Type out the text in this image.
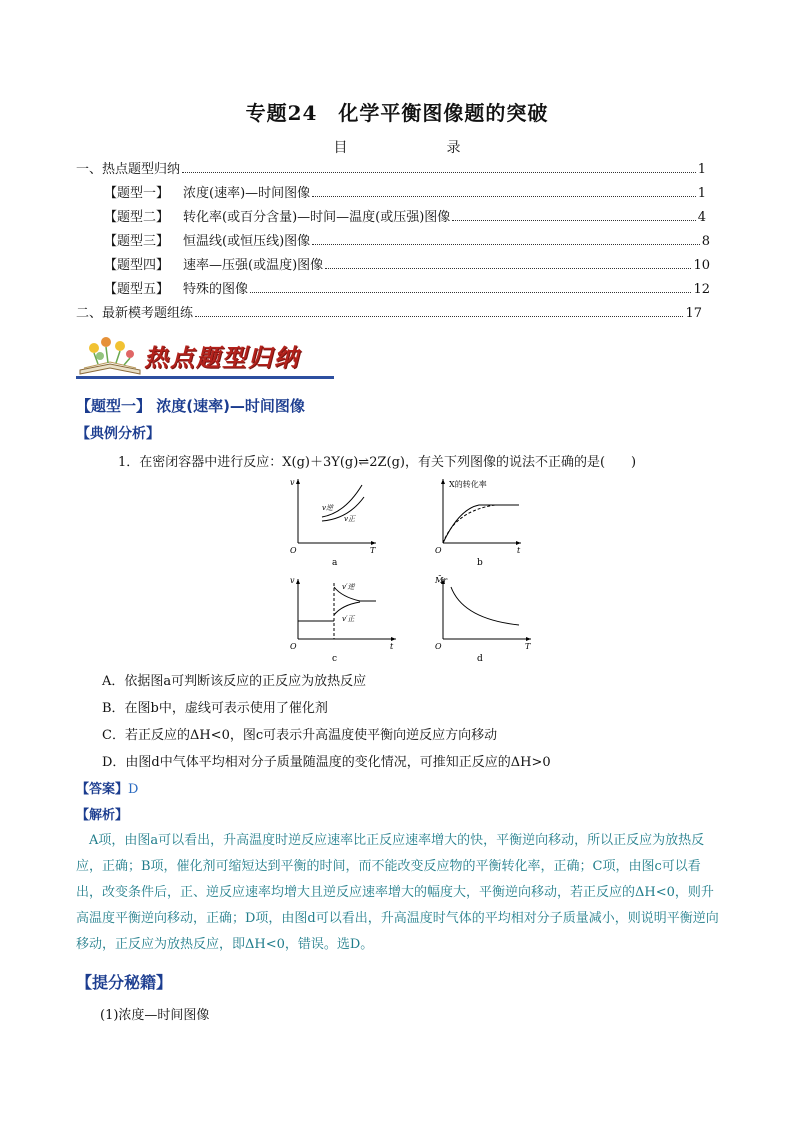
专题24　化学平衡图像题的突破
目	录
一、热点题型归纳	1
【题型一】 浓度(速率)—时间图像	1
【题型二】 转化率(或百分含量)—时间—温度(或压强)图像	4
【题型三】 恒温线(或恒压线)图像	8
【题型四】 速率—压强(或温度)图像	10
【题型五】 特殊的图像	12
二、最新模考题组练	17
热点题型归纳
【题型一】 浓度(速率)—时间图像
【典例分析】
1．在密闭容器中进行反应：X(g)＋3Y(g)⇌2Z(g)，有关下列图像的说法不正确的是(　　)
v
O	T
v逆
v正
a
X的转化率
O	t
b
v
O	t
v′逆
v′正
c
M̄r
O	T
d
A．依据图a可判断该反应的正反应为放热反应
B．在图b中，虚线可表示使用了催化剂
C．若正反应的ΔH<0，图c可表示升高温度使平衡向逆反应方向移动
D．由图d中气体平均相对分子质量随温度的变化情况，可推知正反应的ΔH>0
【答案】D
【解析】
A项，由图a可以看出，升高温度时逆反应速率比正反应速率增大的快，平衡逆向移动，所以正反应为放热反应，正确；B项，催化剂可缩短达到平衡的时间，而不能改变反应物的平衡转化率，正确；C项，由图c可以看出，改变条件后，正、逆反应速率均增大且逆反应速率增大的幅度大，平衡逆向移动，若正反应的ΔH<0，则升高温度平衡逆向移动，正确；D项，由图d可以看出，升高温度时气体的平均相对分子质量减小，则说明平衡逆向移动，正反应为放热反应，即ΔH<0，错误。选D。
【提分秘籍】
(1)浓度—时间图像
